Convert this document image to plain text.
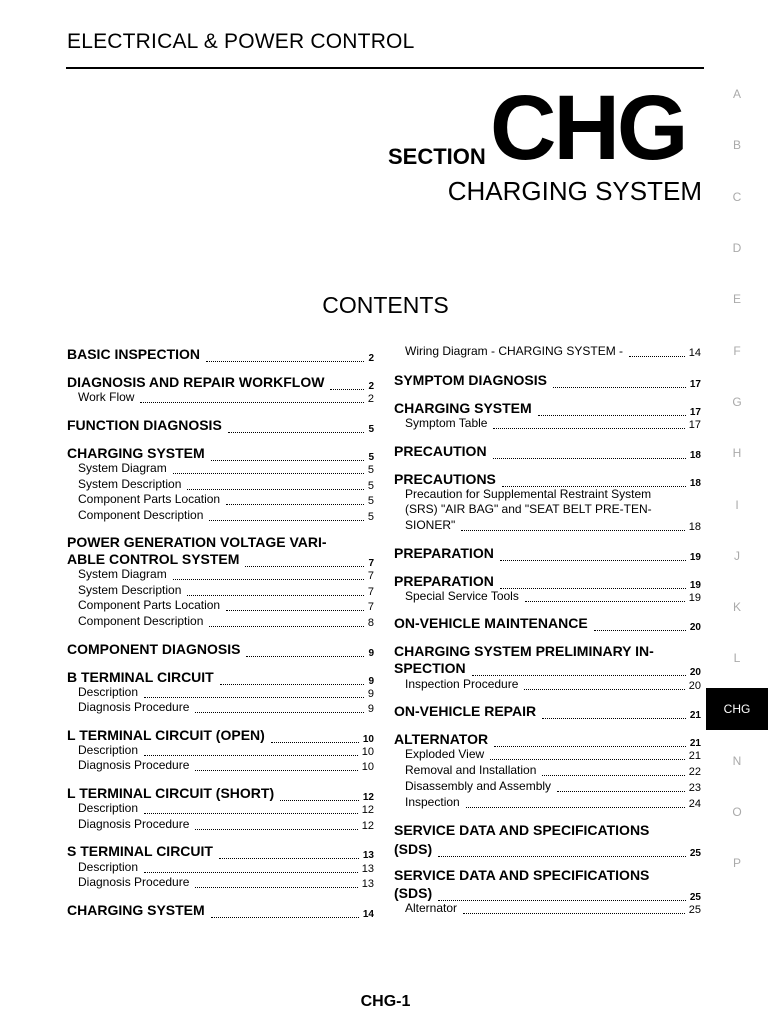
ELECTRICAL & POWER CONTROL
SECTION CHG
CHARGING SYSTEM
CONTENTS
BASIC INSPECTION	2
DIAGNOSIS AND REPAIR WORKFLOW	2
Work Flow	2
FUNCTION DIAGNOSIS	5
CHARGING SYSTEM	5
System Diagram	5
System Description	5
Component Parts Location	5
Component Description	5
POWER GENERATION VOLTAGE VARI-
ABLE CONTROL SYSTEM	7
System Diagram	7
System Description	7
Component Parts Location	7
Component Description	8
COMPONENT DIAGNOSIS	9
B TERMINAL CIRCUIT	9
Description	9
Diagnosis Procedure	9
L TERMINAL CIRCUIT (OPEN)	10
Description	10
Diagnosis Procedure	10
L TERMINAL CIRCUIT (SHORT)	12
Description	12
Diagnosis Procedure	12
S TERMINAL CIRCUIT	13
Description	13
Diagnosis Procedure	13
CHARGING SYSTEM	14
Wiring Diagram - CHARGING SYSTEM -	14
SYMPTOM DIAGNOSIS	17
CHARGING SYSTEM	17
Symptom Table	17
PRECAUTION	18
PRECAUTIONS	18
Precaution for Supplemental Restraint System
(SRS) "AIR BAG" and "SEAT BELT PRE-TEN-
SIONER"	18
PREPARATION	19
PREPARATION	19
Special Service Tools	19
ON-VEHICLE MAINTENANCE	20
CHARGING SYSTEM PRELIMINARY IN-
SPECTION	20
Inspection Procedure	20
ON-VEHICLE REPAIR	21
ALTERNATOR	21
Exploded View	21
Removal and Installation	22
Disassembly and Assembly	23
Inspection	24
SERVICE DATA AND SPECIFICATIONS
(SDS)	25
SERVICE DATA AND SPECIFICATIONS
(SDS)	25
Alternator	25
A
B
C
D
E
F
G
H
I
J
K
L
CHG
N
O
P
CHG-1
